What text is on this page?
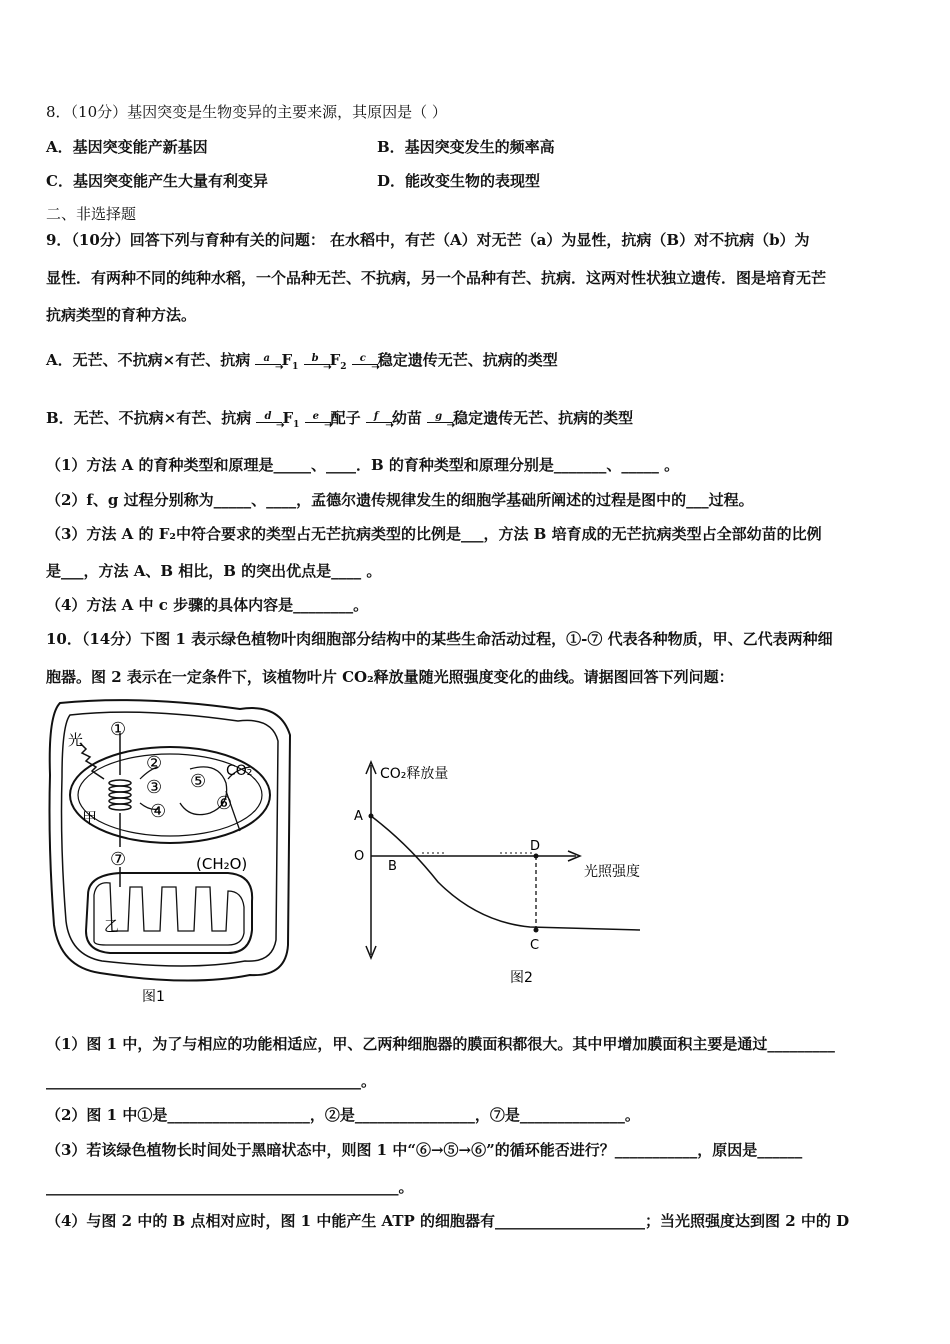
8．（10分）基因突变是生物变异的主要来源，其原因是（ ）
A．基因突变能产新基因	B．基因突变发生的频率高
C．基因突变能产生大量有利变异	D．能改变生物的表现型
二、非选择题
9．（10分）回答下列与育种有关的问题： 在水稻中，有芒（A）对无芒（a）为显性，抗病（B）对不抗病（b）为
显性．有两种不同的纯种水稻，一个品种无芒、不抗病，另一个品种有芒、抗病．这两对性状独立遗传．图是培育无芒
抗病类型的育种方法。
A．无芒、不抗病×有芒、抗病 a
➝
$F_1$
b
➝
$F_2$
c
➝
稳定遗传无芒、抗病的类型
B．无芒、不抗病×有芒、抗病 d
➝
$F_1$
e
➝
配子 f
➝
幼苗 g
➝
稳定遗传无芒、抗病的类型
（1）方法 A 的育种类型和原理是_____、____．B 的育种类型和原理分别是_______、_____ 。
（2）f、g 过程分别称为_____、____，孟德尔遗传规律发生的细胞学基础所阐述的过程是图中的___过程。
（3）方法 A 的 F₂中符合要求的类型占无芒抗病类型的比例是___，方法 B 培育成的无芒抗病类型占全部幼苗的比例
是___，方法 A、B 相比，B 的突出优点是____ 。
（4）方法 A 中 c 步骤的具体内容是________。
10．（14分）下图 1 表示绿色植物叶肉细胞部分结构中的某些生命活动过程，①-⑦ 代表各种物质，甲、乙代表两种细
胞器。图 2 表示在一定条件下，该植物叶片 CO₂释放量随光照强度变化的曲线。请据图回答下列问题：
光 ①
②
③
④
⑤
⑥
⑦
CO₂
甲
乙
(CH₂O)
图1
CO₂释放量
光照强度
A
O
B
D
C
图2
（1）图 1 中，为了与相应的功能相适应，甲、乙两种细胞器的膜面积都很大。其中甲增加膜面积主要是通过_________
__________________________________________。
（2）图 1 中①是___________________，②是________________，⑦是______________。
（3）若该绿色植物长时间处于黑暗状态中，则图 1 中“⑥→⑤→⑥”的循环能否进行？___________，原因是______
_______________________________________________。
（4）与图 2 中的 B 点相对应时，图 1 中能产生 ATP 的细胞器有____________________；当光照强度达到图 2 中的 D
